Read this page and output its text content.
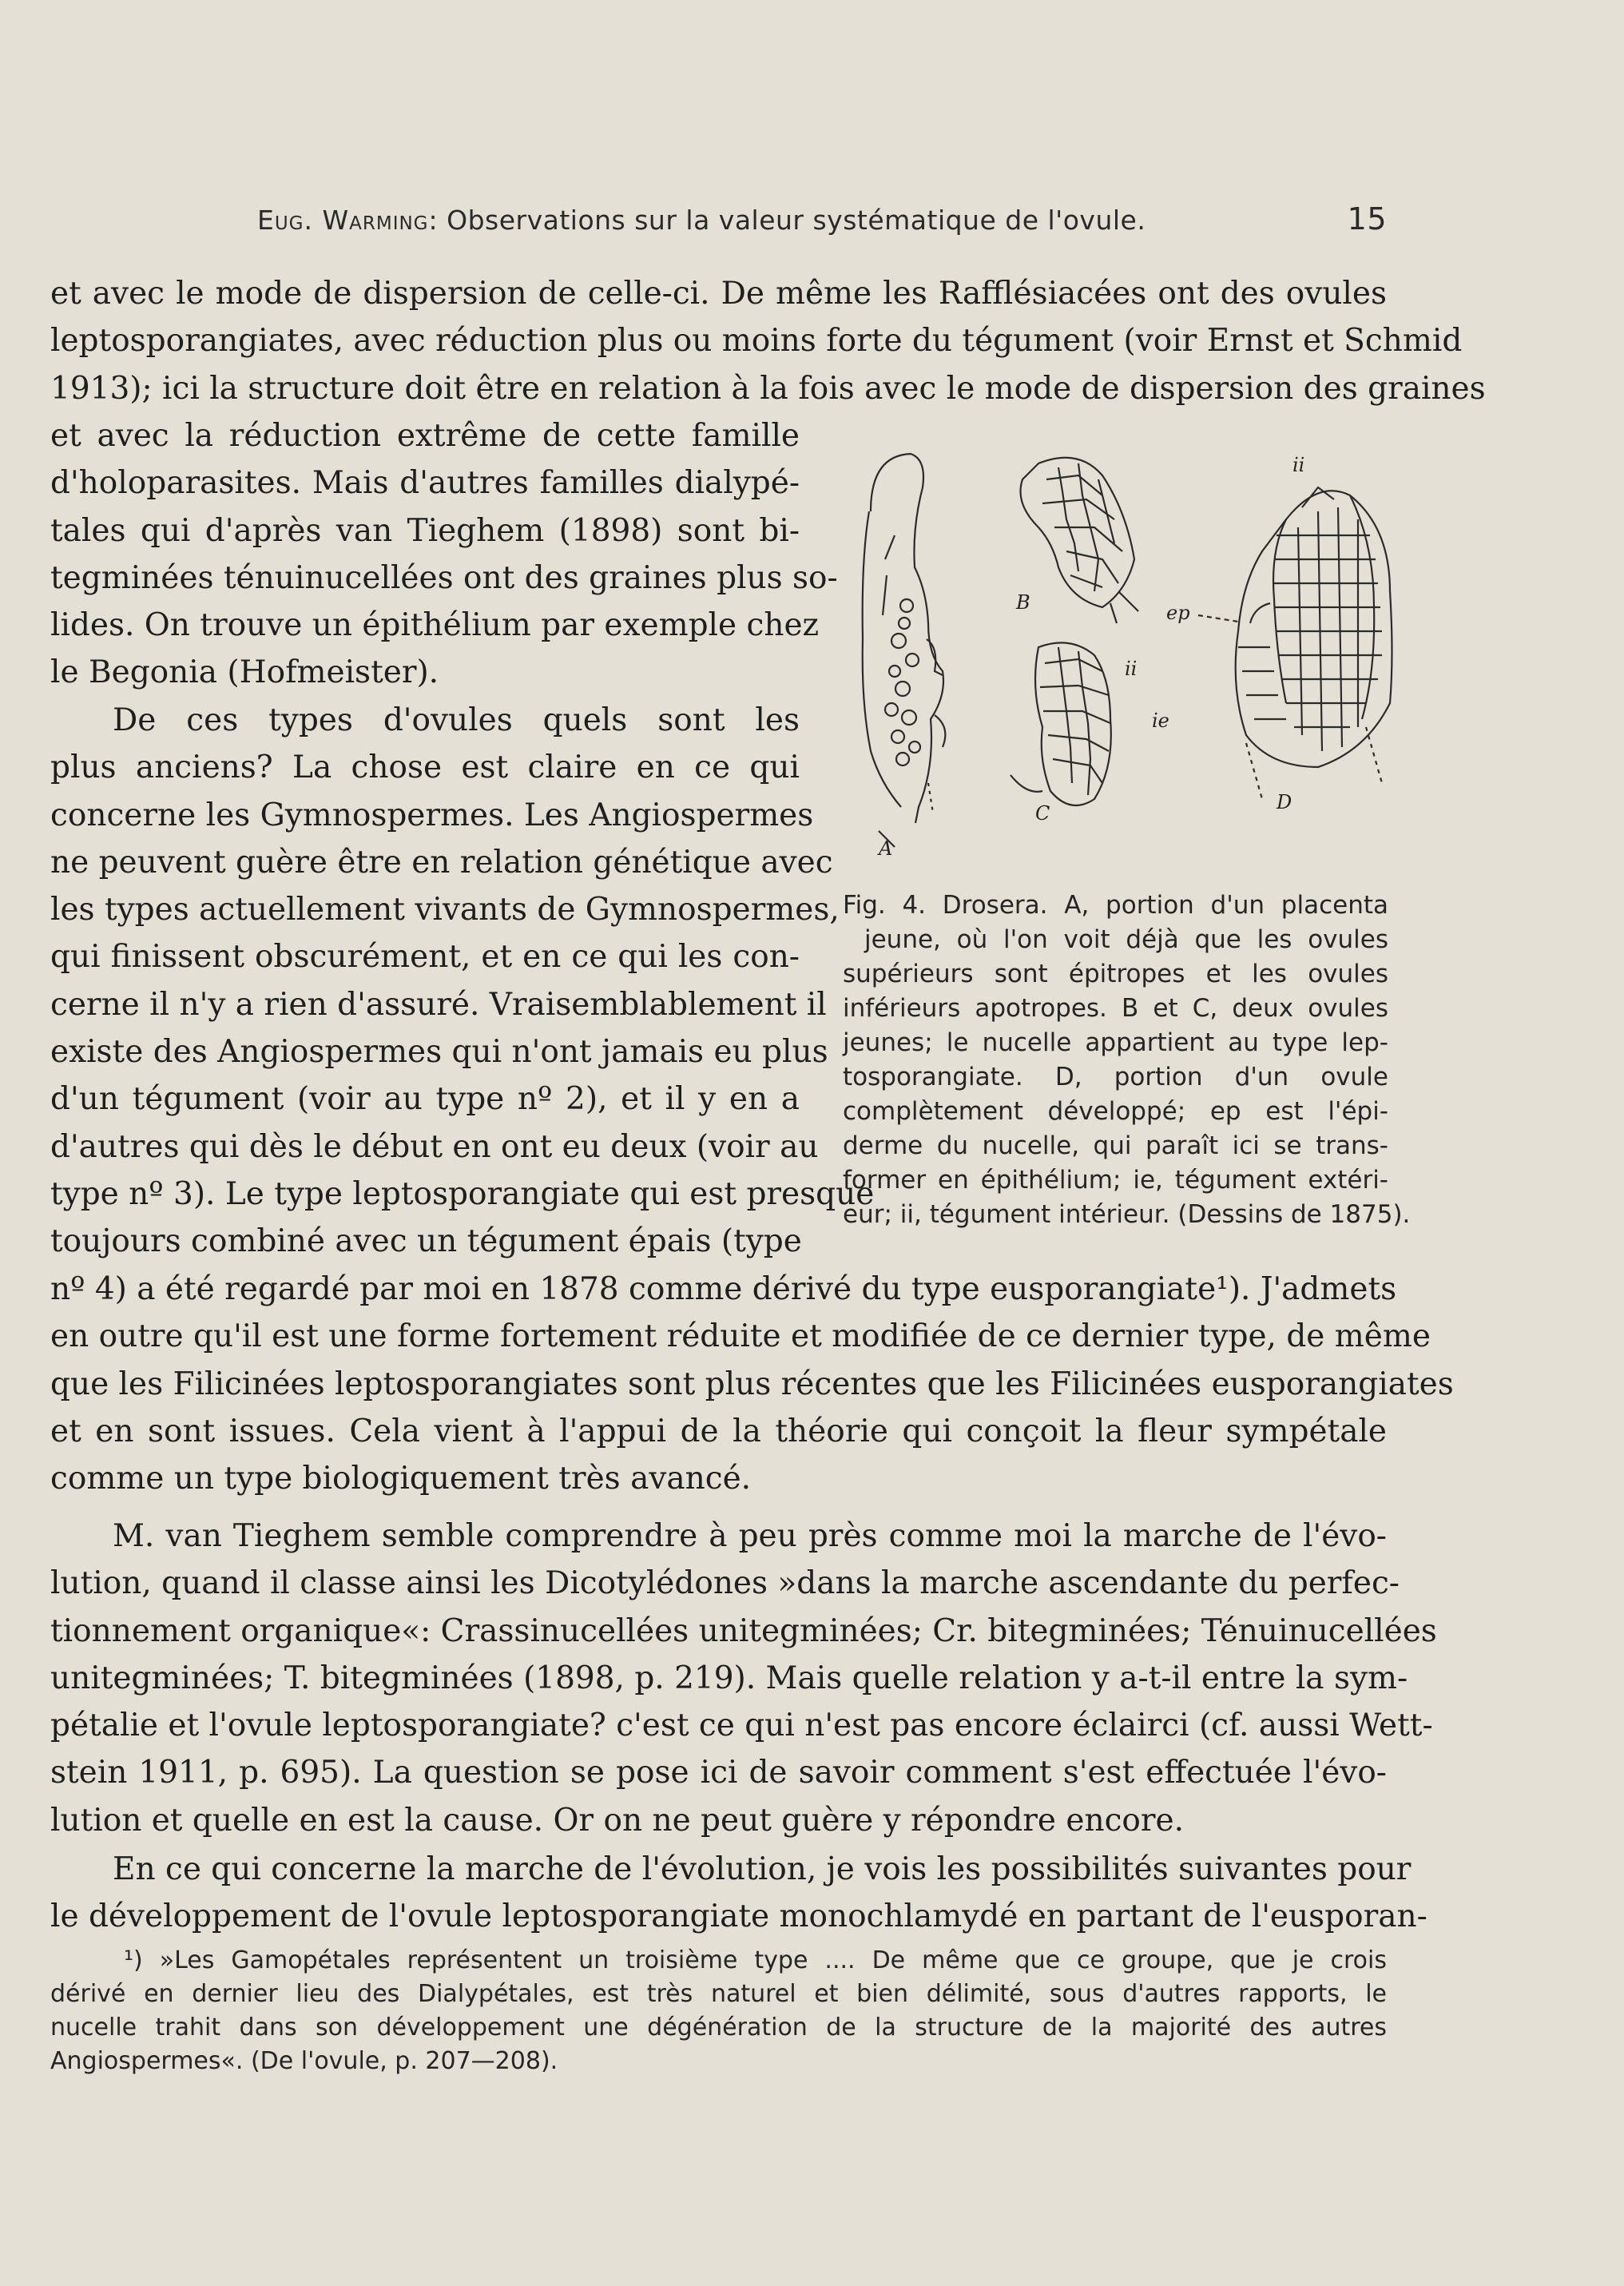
Eug. Warming: Observations sur la valeur systématique de l'ovule.	15
et avec le mode de dispersion de celle-ci. De même les Rafflésiacées ont des ovules
leptosporangiates, avec réduction plus ou moins forte du tégument (voir Ernst et Schmid
1913); ici la structure doit être en relation à la fois avec le mode de dispersion des graines
et avec la réduction extrême de cette famille
d'holoparasites. Mais d'autres familles dialypé-
tales qui d'après van Tieghem (1898) sont bi-
tegminées ténuinucellées ont des graines plus so-
lides. On trouve un épithélium par exemple chez
le Begonia (Hofmeister).
De ces types d'ovules quels sont les
plus anciens? La chose est claire en ce qui
concerne les Gymnospermes. Les Angiospermes
ne peuvent guère être en relation génétique avec
les types actuellement vivants de Gymnospermes,
qui finissent obscurément, et en ce qui les con-
cerne il n'y a rien d'assuré. Vraisemblablement il
existe des Angiospermes qui n'ont jamais eu plus
d'un tégument (voir au type nº 2), et il y en a
d'autres qui dès le début en ont eu deux (voir au
type nº 3). Le type leptosporangiate qui est presque
toujours combiné avec un tégument épais (type
nº 4) a été regardé par moi en 1878 comme dérivé du type eusporangiate¹). J'admets
en outre qu'il est une forme fortement réduite et modifiée de ce dernier type, de même
que les Filicinées leptosporangiates sont plus récentes que les Filicinées eusporangiates
et en sont issues. Cela vient à l'appui de la théorie qui conçoit la fleur sympétale
comme un type biologiquement très avancé.
M. van Tieghem semble comprendre à peu près comme moi la marche de l'évo-
lution, quand il classe ainsi les Dicotylédones »dans la marche ascendante du perfec-
tionnement organique«: Crassinucellées unitegminées; Cr. bitegminées; Ténuinucellées
unitegminées; T. bitegminées (1898, p. 219). Mais quelle relation y a-t-il entre la sym-
pétalie et l'ovule leptosporangiate? c'est ce qui n'est pas encore éclairci (cf. aussi Wett-
stein 1911, p. 695). La question se pose ici de savoir comment s'est effectuée l'évo-
lution et quelle en est la cause. Or on ne peut guère y répondre encore.
En ce qui concerne la marche de l'évolution, je vois les possibilités suivantes pour
le développement de l'ovule leptosporangiate monochlamydé en partant de l'eusporan-
A
B
C	D
ii
ii
ie
ep
Fig. 4. Drosera. A, portion d'un placenta
jeune, où l'on voit déjà que les ovules
supérieurs sont épitropes et les ovules
inférieurs apotropes. B et C, deux ovules
jeunes; le nucelle appartient au type lep-
tosporangiate. D, portion d'un ovule
complètement développé; ep est l'épi-
derme du nucelle, qui paraît ici se trans-
former en épithélium; ie, tégument extéri-
eur; ii, tégument intérieur. (Dessins de 1875).
¹) »Les Gamopétales représentent un troisième type .... De même que ce groupe, que je crois
dérivé en dernier lieu des Dialypétales, est très naturel et bien délimité, sous d'autres rapports, le
nucelle trahit dans son développement une dégénération de la structure de la majorité des autres
Angiospermes«. (De l'ovule, p. 207—208).
